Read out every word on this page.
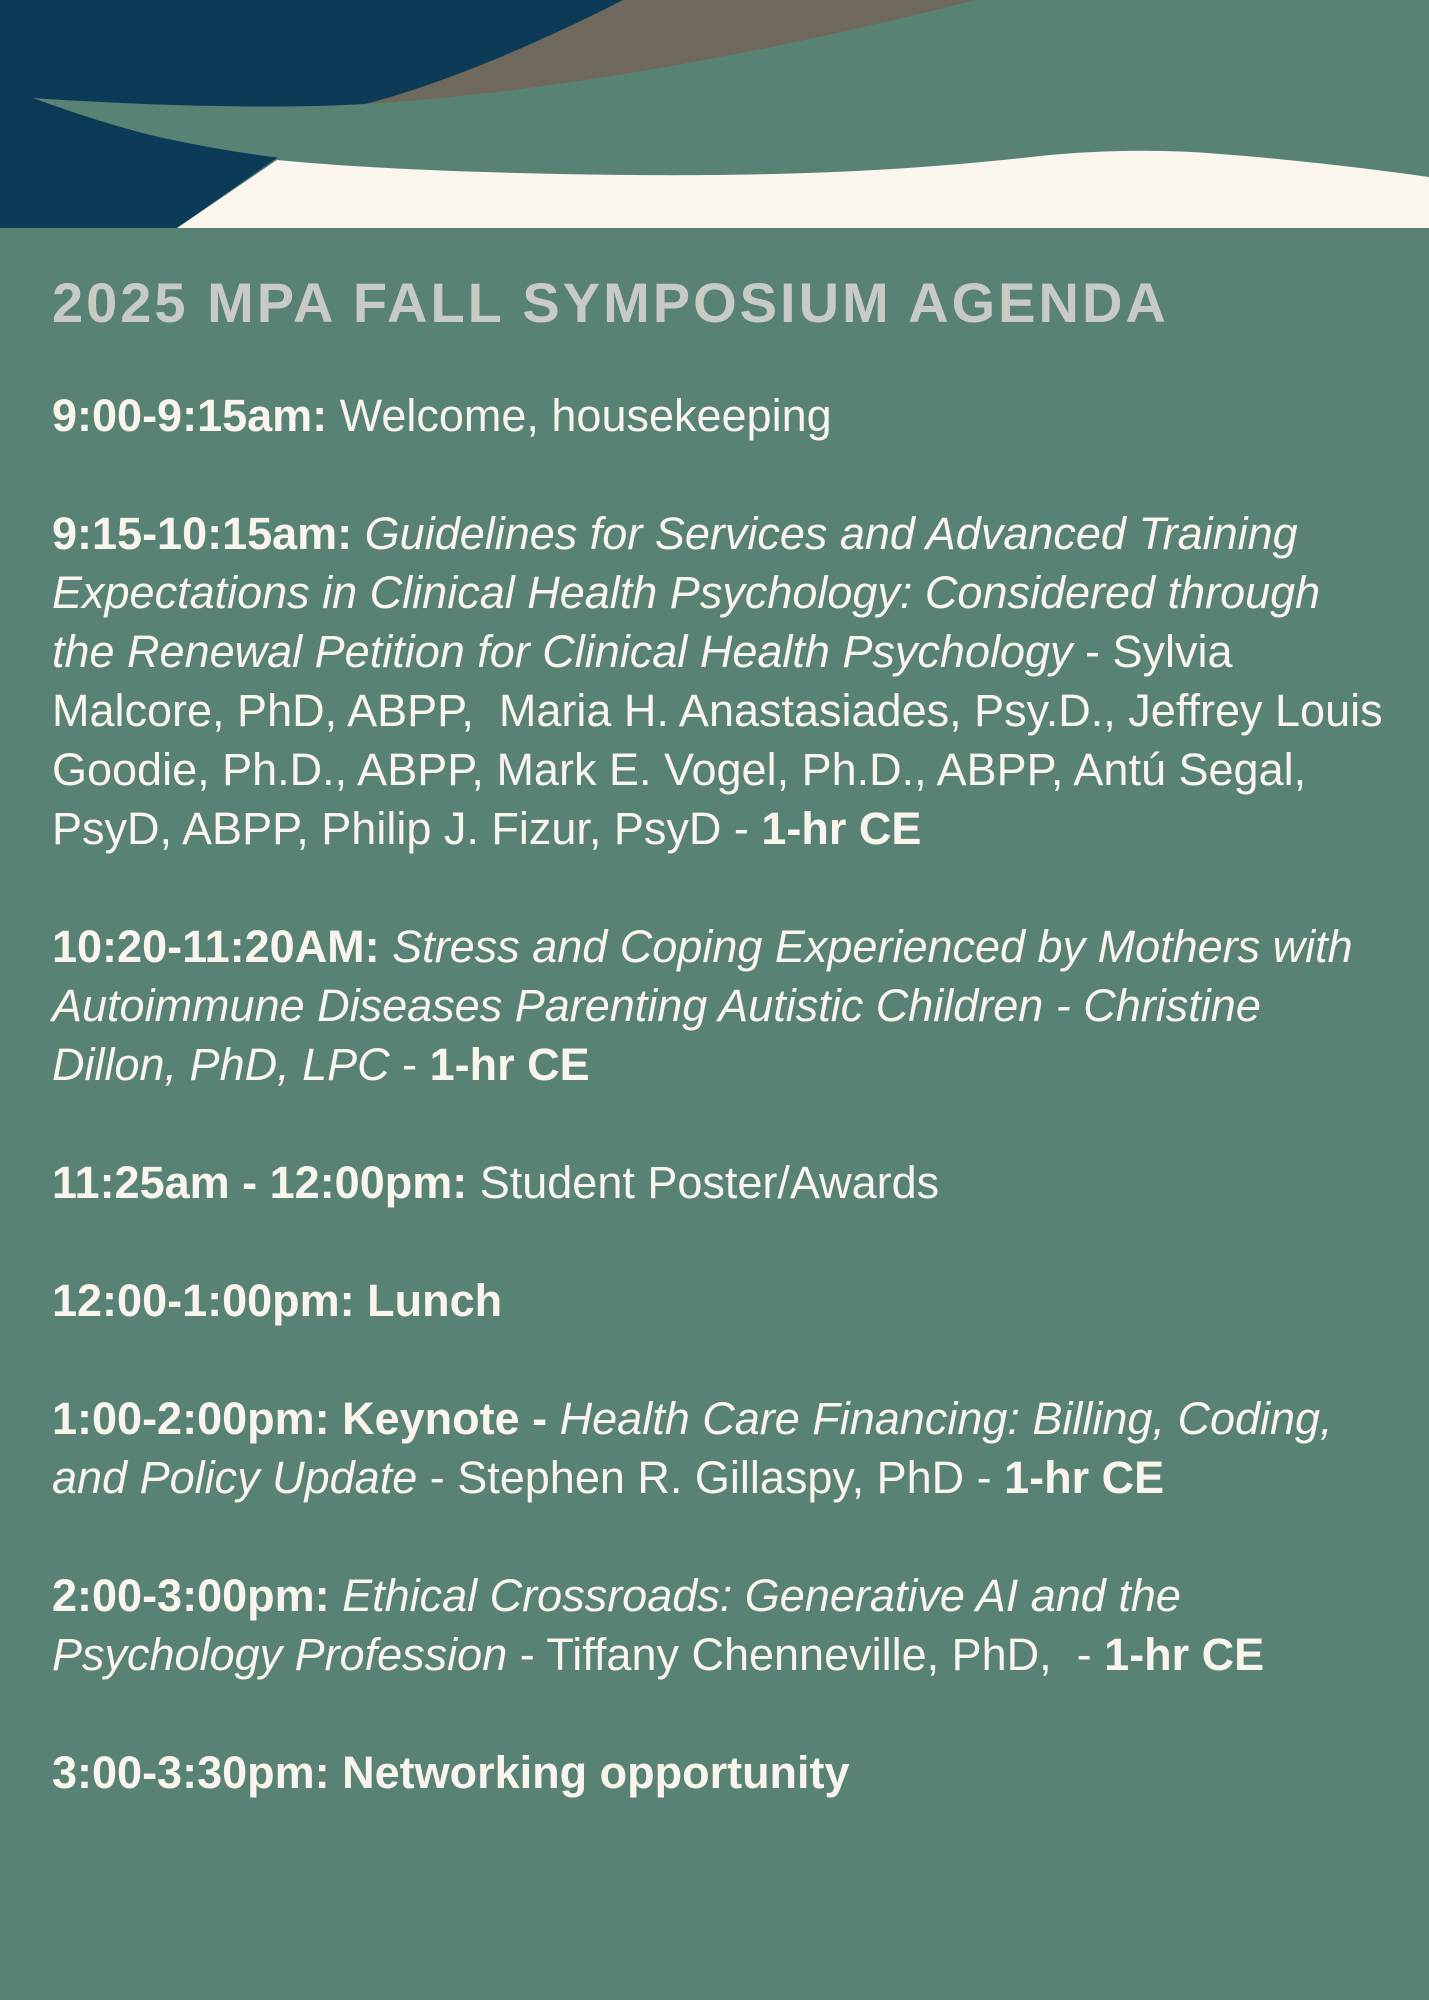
2025 MPA FALL SYMPOSIUM AGENDA

9:00-9:15am: Welcome, housekeeping

9:15-10:15am: Guidelines for Services and Advanced Training Expectations in Clinical Health Psychology: Considered through the Renewal Petition for Clinical Health Psychology - Sylvia Malcore, PhD, ABPP,  Maria H. Anastasiades, Psy.D., Jeffrey Louis Goodie, Ph.D., ABPP, Mark E. Vogel, Ph.D., ABPP, Antú Segal, PsyD, ABPP, Philip J. Fizur, PsyD - 1-hr CE

10:20-11:20AM: Stress and Coping Experienced by Mothers with Autoimmune Diseases Parenting Autistic Children - Christine Dillon, PhD, LPC - 1-hr CE

11:25am - 12:00pm: Student Poster/Awards

12:00-1:00pm: Lunch

1:00-2:00pm: Keynote - Health Care Financing: Billing, Coding, and Policy Update - Stephen R. Gillaspy, PhD - 1-hr CE

2:00-3:00pm: Ethical Crossroads: Generative AI and the Psychology Profession - Tiffany Chenneville, PhD,  - 1-hr CE

3:00-3:30pm: Networking opportunity
